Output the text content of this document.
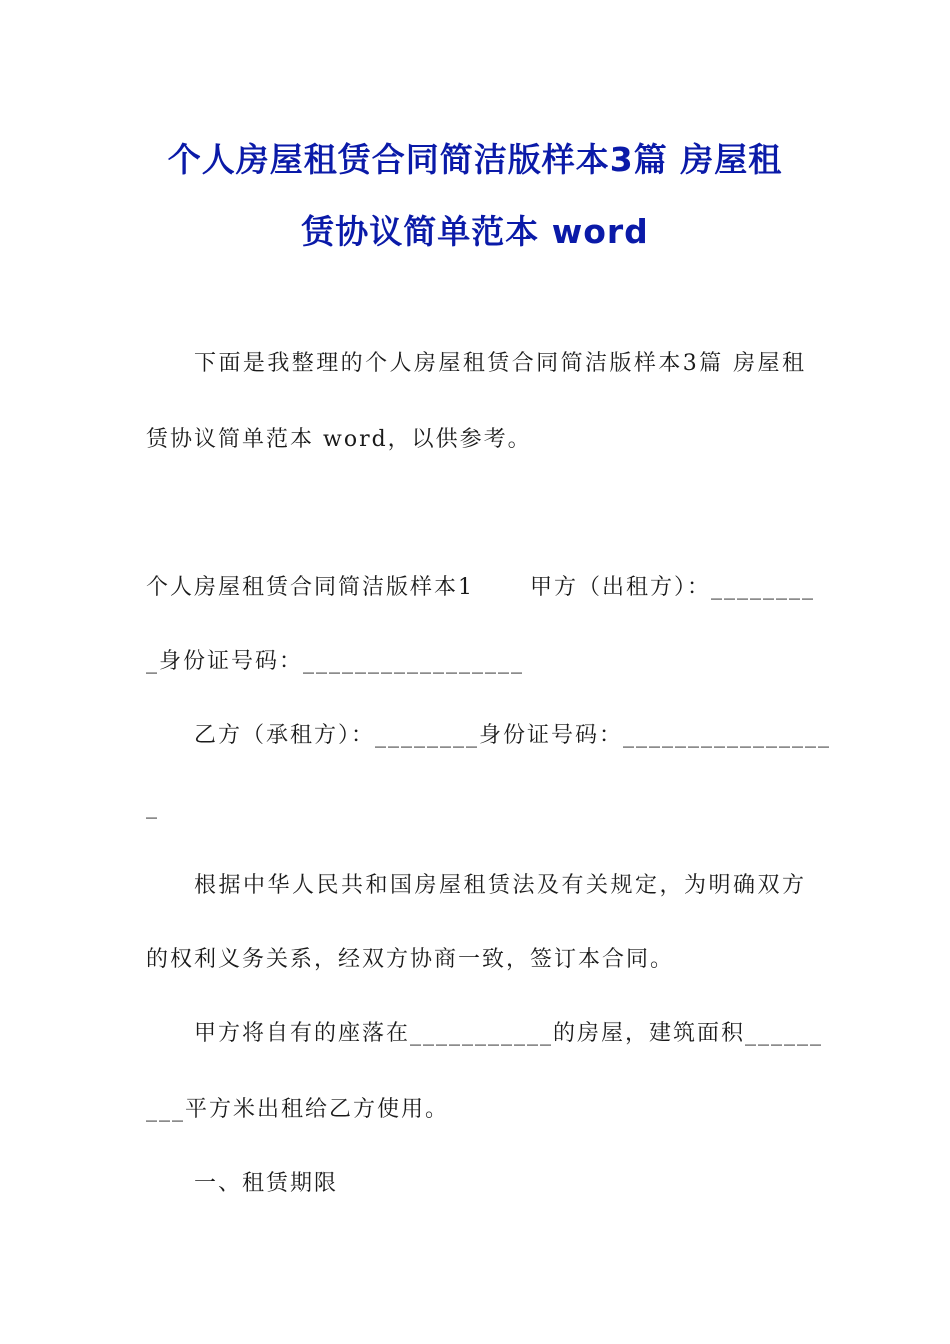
个人房屋租赁合同简洁版样本3篇 房屋租
赁协议简单范本 word

下面是我整理的个人房屋租赁合同简洁版样本3篇 房屋租

赁协议简单范本 word，以供参考。

个人房屋租赁合同简洁版样本1	甲方（出租方）：________

_身份证号码：_________________

乙方（承租方）：________身份证号码：________________

_

根据中华人民共和国房屋租赁法及有关规定，为明确双方

的权利义务关系，经双方协商一致，签订本合同。

甲方将自有的座落在___________的房屋，建筑面积______

___平方米出租给乙方使用。

一、租赁期限
